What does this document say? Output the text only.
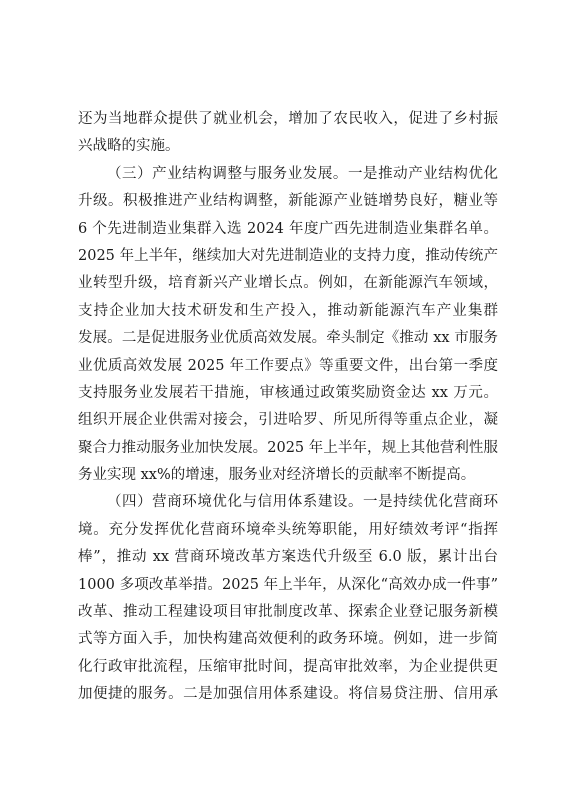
还为当地群众提供了就业机会，增加了农民收入，促进了乡村振
兴战略的实施。
（三）产业结构调整与服务业发展。一是推动产业结构优化
升级。积极推进产业结构调整，新能源产业链增势良好，糖业等
6 个先进制造业集群入选 2024 年度广西先进制造业集群名单。
2025 年上半年，继续加大对先进制造业的支持力度，推动传统产
业转型升级，培育新兴产业增长点。例如，在新能源汽车领域，
支持企业加大技术研发和生产投入，推动新能源汽车产业集群
发展。二是促进服务业优质高效发展。牵头制定《推动 xx 市服务
业优质高效发展 2025 年工作要点》等重要文件，出台第一季度
支持服务业发展若干措施，审核通过政策奖励资金达 xx 万元。
组织开展企业供需对接会，引进哈罗、所见所得等重点企业，凝
聚合力推动服务业加快发展。2025 年上半年，规上其他营利性服
务业实现 xx%的增速，服务业对经济增长的贡献率不断提高。
（四）营商环境优化与信用体系建设。一是持续优化营商环
境。充分发挥优化营商环境牵头统筹职能，用好绩效考评“指挥
棒”，推动 xx 营商环境改革方案迭代升级至 6.0 版，累计出台
1000 多项改革举措。2025 年上半年，从深化“高效办成一件事”
改革、推动工程建设项目审批制度改革、探索企业登记服务新模
式等方面入手，加快构建高效便利的政务环境。例如，进一步简
化行政审批流程，压缩审批时间，提高审批效率，为企业提供更
加便捷的服务。二是加强信用体系建设。将信易贷注册、信用承
